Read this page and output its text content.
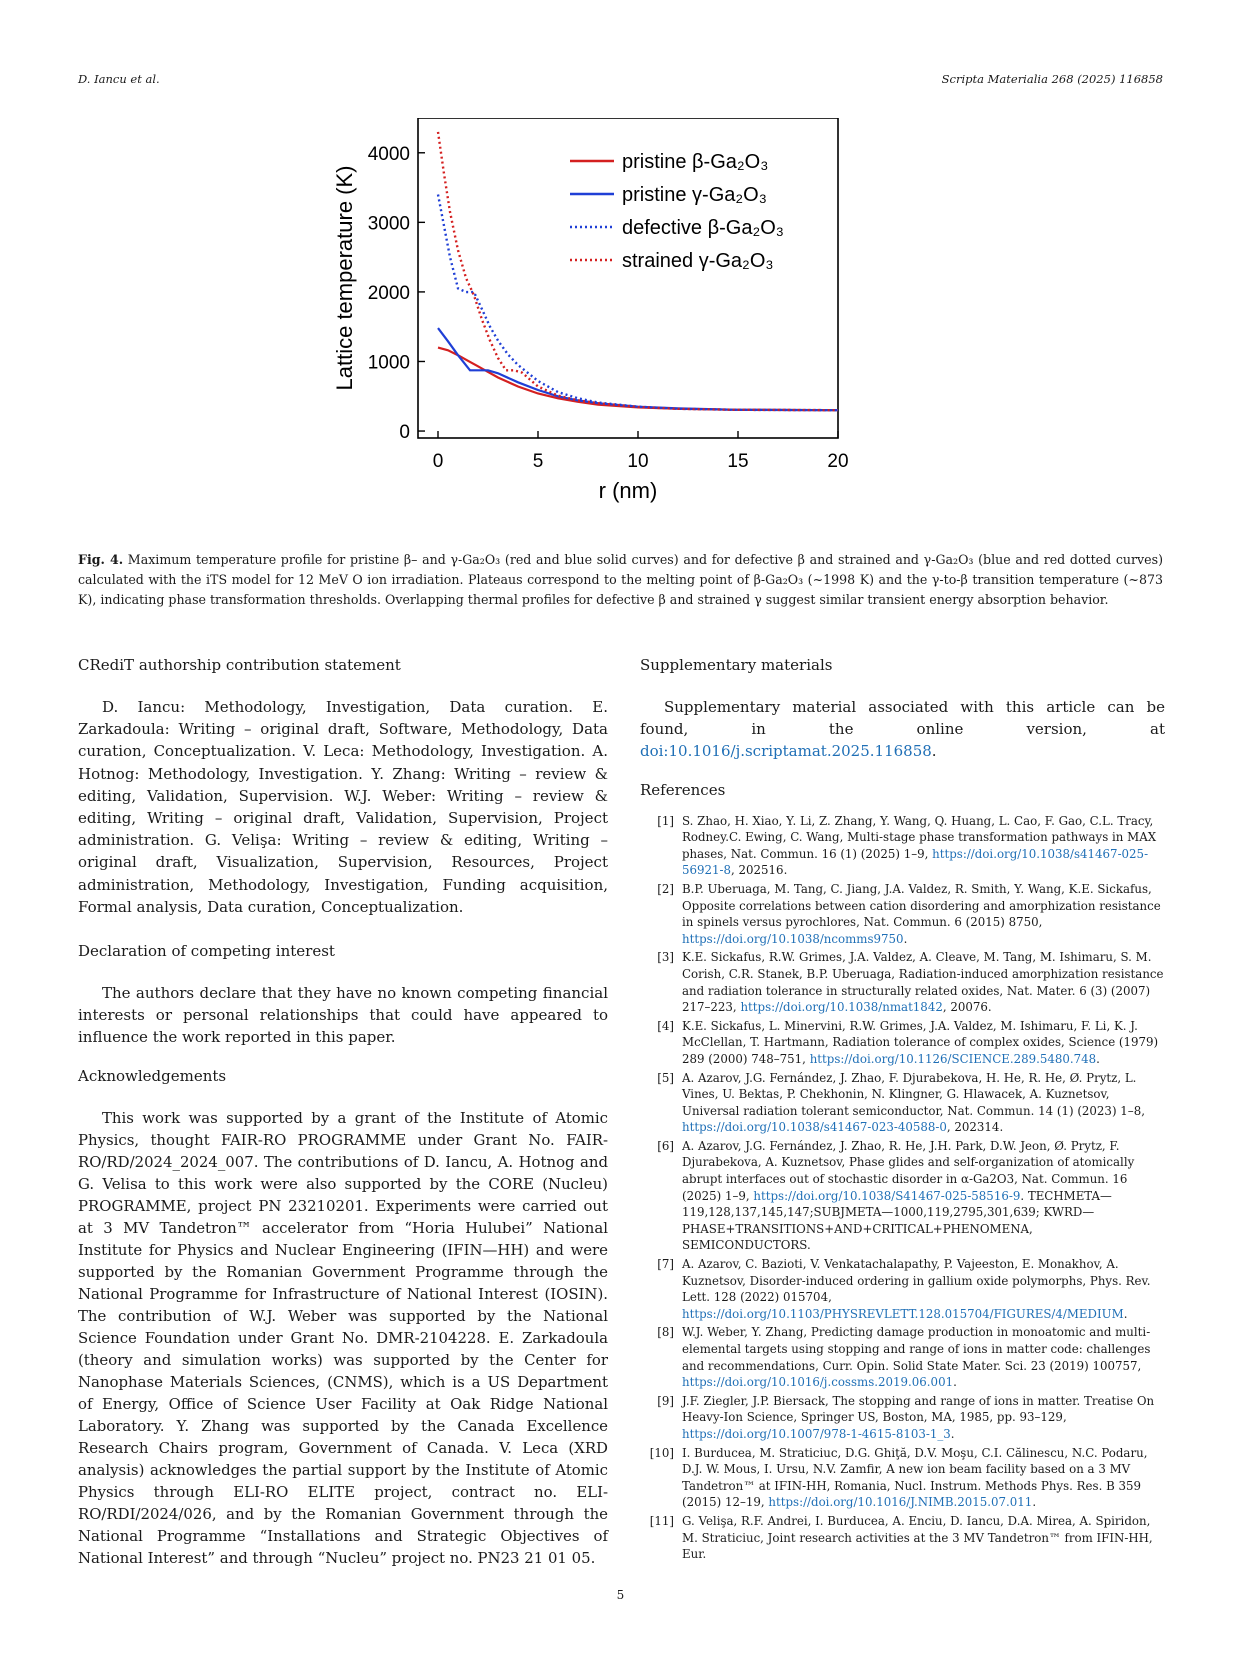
D. Iancu et al.	Scripta Materialia 268 (2025) 116858
0	5	10	15	20
0
1000
2000
3000
4000	pristine β-Ga₂O₃
pristine γ-Ga₂O₃
defective β-Ga₂O₃
strained γ-Ga₂O₃
r (nm)
Lattice temperature (K)
Fig. 4. Maximum temperature profile for pristine β– and γ-Ga₂O₃ (red and blue solid curves) and for defective β and strained and γ-Ga₂O₃ (blue and red dotted curves) calculated with the iTS model for 12 MeV O ion irradiation. Plateaus correspond to the melting point of β-Ga₂O₃ (~1998 K) and the γ-to-β transition temperature (~873 K), indicating phase transformation thresholds. Overlapping thermal profiles for defective β and strained γ suggest similar transient energy absorption behavior.
CRediT authorship contribution statement

D. Iancu: Methodology, Investigation, Data curation. E. Zarkadoula: Writing – original draft, Software, Methodology, Data curation, Conceptualization. V. Leca: Methodology, Investigation. A. Hotnog: Methodology, Investigation. Y. Zhang: Writing – review & editing, Validation, Supervision. W.J. Weber: Writing – review & editing, Writing – original draft, Validation, Supervision, Project administration. G. Velişa: Writing – review & editing, Writing – original draft, Visualization, Supervision, Resources, Project administration, Methodology, Investigation, Funding acquisition, Formal analysis, Data curation, Conceptualization.

Declaration of competing interest

The authors declare that they have no known competing financial interests or personal relationships that could have appeared to influence the work reported in this paper.

Acknowledgements

This work was supported by a grant of the Institute of Atomic Physics, thought FAIR-RO PROGRAMME under Grant No. FAIR-RO/RD/2024_2024_007. The contributions of D. Iancu, A. Hotnog and G. Velisa to this work were also supported by the CORE (Nucleu) PROGRAMME, project PN 23210201. Experiments were carried out at 3 MV Tandetron™ accelerator from “Horia Hulubei” National Institute for Physics and Nuclear Engineering (IFIN—HH) and were supported by the Romanian Government Programme through the National Programme for Infrastructure of National Interest (IOSIN). The contribution of W.J. Weber was supported by the National Science Foundation under Grant No. DMR-2104228. E. Zarkadoula (theory and simulation works) was supported by the Center for Nanophase Materials Sciences, (CNMS), which is a US Department of Energy, Office of Science User Facility at Oak Ridge National Laboratory. Y. Zhang was supported by the Canada Excellence Research Chairs program, Government of Canada. V. Leca (XRD analysis) acknowledges the partial support by the Institute of Atomic Physics through ELI-RO ELITE project, contract no. ELI-RO/RDI/2024/026, and by the Romanian Government through the National Programme “Installations and Strategic Objectives of National Interest” and through “Nucleu” project no. PN23 21 01 05.

Supplementary materials

Supplementary material associated with this article can be found, in the online version, at doi:10.1016/j.scriptamat.2025.116858.

References
[1] S. Zhao, H. Xiao, Y. Li, Z. Zhang, Y. Wang, Q. Huang, L. Cao, F. Gao, C.L. Tracy, Rodney.C. Ewing, C. Wang, Multi-stage phase transformation pathways in MAX phases, Nat. Commun. 16 (1) (2025) 1–9, https://doi.org/10.1038/s41467-025-56921-8, 202516.
[2] B.P. Uberuaga, M. Tang, C. Jiang, J.A. Valdez, R. Smith, Y. Wang, K.E. Sickafus, Opposite correlations between cation disordering and amorphization resistance in spinels versus pyrochlores, Nat. Commun. 6 (2015) 8750, https://doi.org/10.1038/ncomms9750.
[3] K.E. Sickafus, R.W. Grimes, J.A. Valdez, A. Cleave, M. Tang, M. Ishimaru, S. M. Corish, C.R. Stanek, B.P. Uberuaga, Radiation-induced amorphization resistance and radiation tolerance in structurally related oxides, Nat. Mater. 6 (3) (2007) 217–223, https://doi.org/10.1038/nmat1842, 20076.
[4] K.E. Sickafus, L. Minervini, R.W. Grimes, J.A. Valdez, M. Ishimaru, F. Li, K. J. McClellan, T. Hartmann, Radiation tolerance of complex oxides, Science (1979) 289 (2000) 748–751, https://doi.org/10.1126/SCIENCE.289.5480.748.
[5] A. Azarov, J.G. Fernández, J. Zhao, F. Djurabekova, H. He, R. He, Ø. Prytz, L. Vines, U. Bektas, P. Chekhonin, N. Klingner, G. Hlawacek, A. Kuznetsov, Universal radiation tolerant semiconductor, Nat. Commun. 14 (1) (2023) 1–8, https://doi.org/10.1038/s41467-023-40588-0, 202314.
[6] A. Azarov, J.G. Fernández, J. Zhao, R. He, J.H. Park, D.W. Jeon, Ø. Prytz, F. Djurabekova, A. Kuznetsov, Phase glides and self-organization of atomically abrupt interfaces out of stochastic disorder in α-Ga2O3, Nat. Commun. 16 (2025) 1–9, https://doi.org/10.1038/S41467-025-58516-9. TECHMETA—119,128,137,145,147;SUBJMETA—1000,119,2795,301,639; KWRD—PHASE+TRANSITIONS+AND+CRITICAL+PHENOMENA, SEMICONDUCTORS.
[7] A. Azarov, C. Bazioti, V. Venkatachalapathy, P. Vajeeston, E. Monakhov, A. Kuznetsov, Disorder-induced ordering in gallium oxide polymorphs, Phys. Rev. Lett. 128 (2022) 015704, https://doi.org/10.1103/PHYSREVLETT.128.015704/FIGURES/4/MEDIUM.
[8] W.J. Weber, Y. Zhang, Predicting damage production in monoatomic and multi-elemental targets using stopping and range of ions in matter code: challenges and recommendations, Curr. Opin. Solid State Mater. Sci. 23 (2019) 100757, https://doi.org/10.1016/j.cossms.2019.06.001.
[9] J.F. Ziegler, J.P. Biersack, The stopping and range of ions in matter. Treatise On Heavy-Ion Science, Springer US, Boston, MA, 1985, pp. 93–129, https://doi.org/10.1007/978-1-4615-8103-1_3.
[10] I. Burducea, M. Straticiuc, D.G. Ghiţă, D.V. Moşu, C.I. Călinescu, N.C. Podaru, D.J. W. Mous, I. Ursu, N.V. Zamfir, A new ion beam facility based on a 3 MV Tandetron™ at IFIN-HH, Romania, Nucl. Instrum. Methods Phys. Res. B 359 (2015) 12–19, https://doi.org/10.1016/J.NIMB.2015.07.011.
[11] G. Velişa, R.F. Andrei, I. Burducea, A. Enciu, D. Iancu, D.A. Mirea, A. Spiridon, M. Straticiuc, Joint research activities at the 3 MV Tandetron™ from IFIN-HH, Eur.
5
